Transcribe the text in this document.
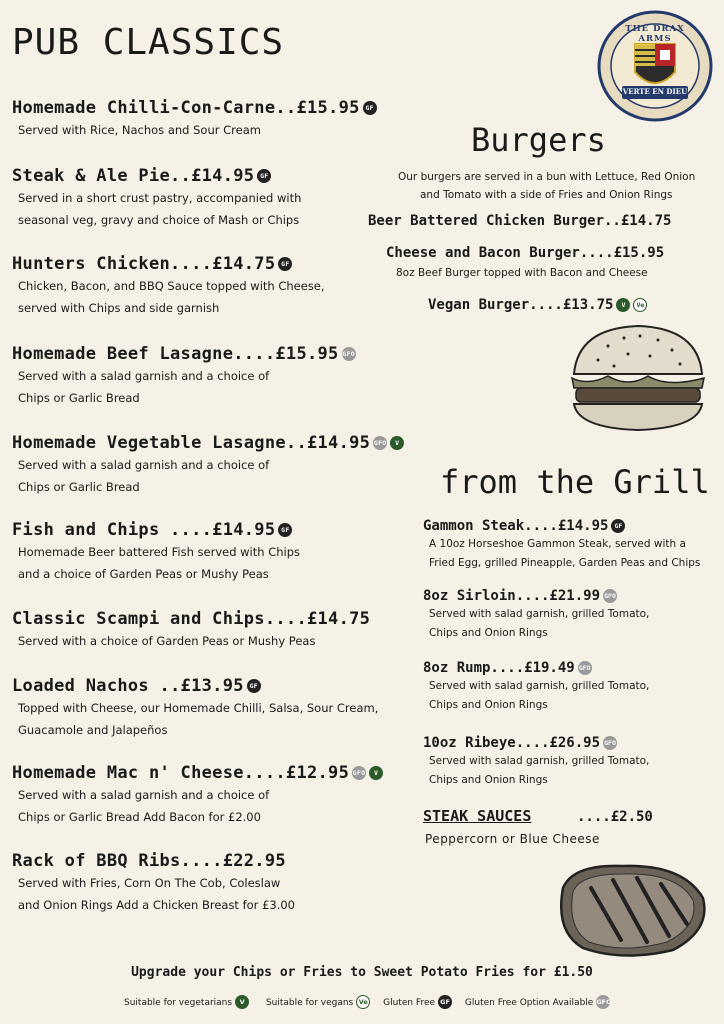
THE DRAX ARMS
VERTE EN DIEU
PUB CLASSICS
Homemade Chilli-Con-Carne..£15.95 GF
Served with Rice, Nachos and Sour Cream
Steak & Ale Pie..£14.95 GF
Served in a short crust pastry, accompanied with
seasonal veg, gravy and choice of Mash or Chips
Hunters Chicken....£14.75 GF
Chicken, Bacon, and BBQ Sauce topped with Cheese,
served with Chips and side garnish
Homemade Beef Lasagne....£15.95 GFO
Served with a salad garnish and a choice of
Chips or Garlic Bread
Homemade Vegetable Lasagne..£14.95 GFO V
Served with a salad garnish and a choice of
Chips or Garlic Bread
Fish and Chips ....£14.95 GF
Homemade Beer battered Fish served with Chips
and a choice of Garden Peas or Mushy Peas
Classic Scampi and Chips....£14.75
Served with a choice of Garden Peas or Mushy Peas
Loaded Nachos ..£13.95 GF
Topped with Cheese, our Homemade Chilli, Salsa, Sour Cream,
Guacamole and Jalapeños
Homemade Mac n' Cheese....£12.95 GFO V
Served with a salad garnish and a choice of
Chips or Garlic Bread Add Bacon for £2.00
Rack of BBQ Ribs....£22.95
Served with Fries, Corn On The Cob, Coleslaw
and Onion Rings Add a Chicken Breast for £3.00
Burgers
Our burgers are served in a bun with Lettuce, Red Onion
and Tomato with a side of Fries and Onion Rings
Beer Battered Chicken Burger..£14.75
Cheese and Bacon Burger....£15.95
8oz Beef Burger topped with Bacon and Cheese
Vegan Burger....£13.75 V Ve
from the Grill
Gammon Steak....£14.95 GF
A 10oz Horseshoe Gammon Steak, served with a
Fried Egg, grilled Pineapple, Garden Peas and Chips
8oz Sirloin....£21.99 GFO
Served with salad garnish, grilled Tomato,
Chips and Onion Rings
8oz Rump....£19.49 GFO
Served with salad garnish, grilled Tomato,
Chips and Onion Rings
10oz Ribeye....£26.95 GFO
Served with salad garnish, grilled Tomato,
Chips and Onion Rings
STEAK SAUCES	....£2.50
Peppercorn or Blue Cheese
Upgrade your Chips or Fries to Sweet Potato Fries for £1.50
Suitable for vegetarians V Suitable for vegans Ve Gluten Free GF Gluten Free Option Available GFO
